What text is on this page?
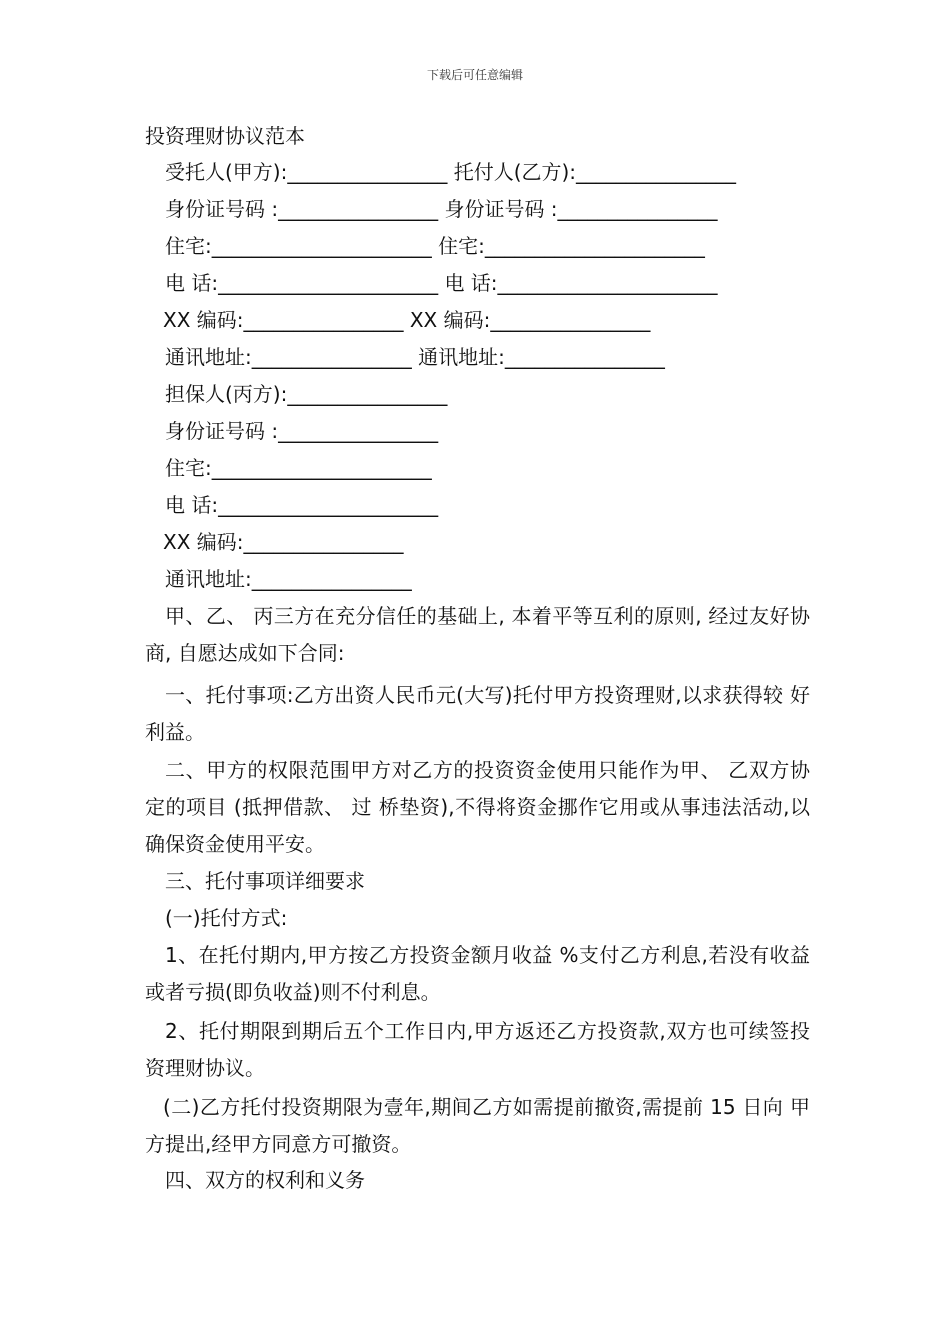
下载后可任意编辑
投资理财协议范本
受托人(甲方):________________ 托付人(乙方):________________
身份证号码 :________________ 身份证号码 :________________
住宅:______________________ 住宅:______________________
电 话:______________________ 电 话:______________________
XX 编码:________________ XX 编码:________________
通讯地址:________________ 通讯地址:________________
担保人(丙方):________________
身份证号码 :________________
住宅:______________________
电 话:______________________
XX 编码:________________
通讯地址:________________
甲、乙、 丙三方在充分信任的基础上, 本着平等互利的原则, 经过友好协商, 自愿达成如下合同:
一、托付事项:乙方出资人民币元(大写)托付甲方投资理财,以求获得较 好利益。
二、甲方的权限范围甲方对乙方的投资资金使用只能作为甲、 乙双方协定的项目 (抵押借款、 过 桥垫资),不得将资金挪作它用或从事违法活动,以确保资金使用平安。
三、托付事项详细要求
(一)托付方式:
1、在托付期内,甲方按乙方投资金额月收益 %支付乙方利息,若没有收益 或者亏损(即负收益)则不付利息。
2、托付期限到期后五个工作日内,甲方返还乙方投资款,双方也可续签投 资理财协议。
(二)乙方托付投资期限为壹年,期间乙方如需提前撤资,需提前 15 日向 甲方提出,经甲方同意方可撤资。
四、双方的权利和义务
